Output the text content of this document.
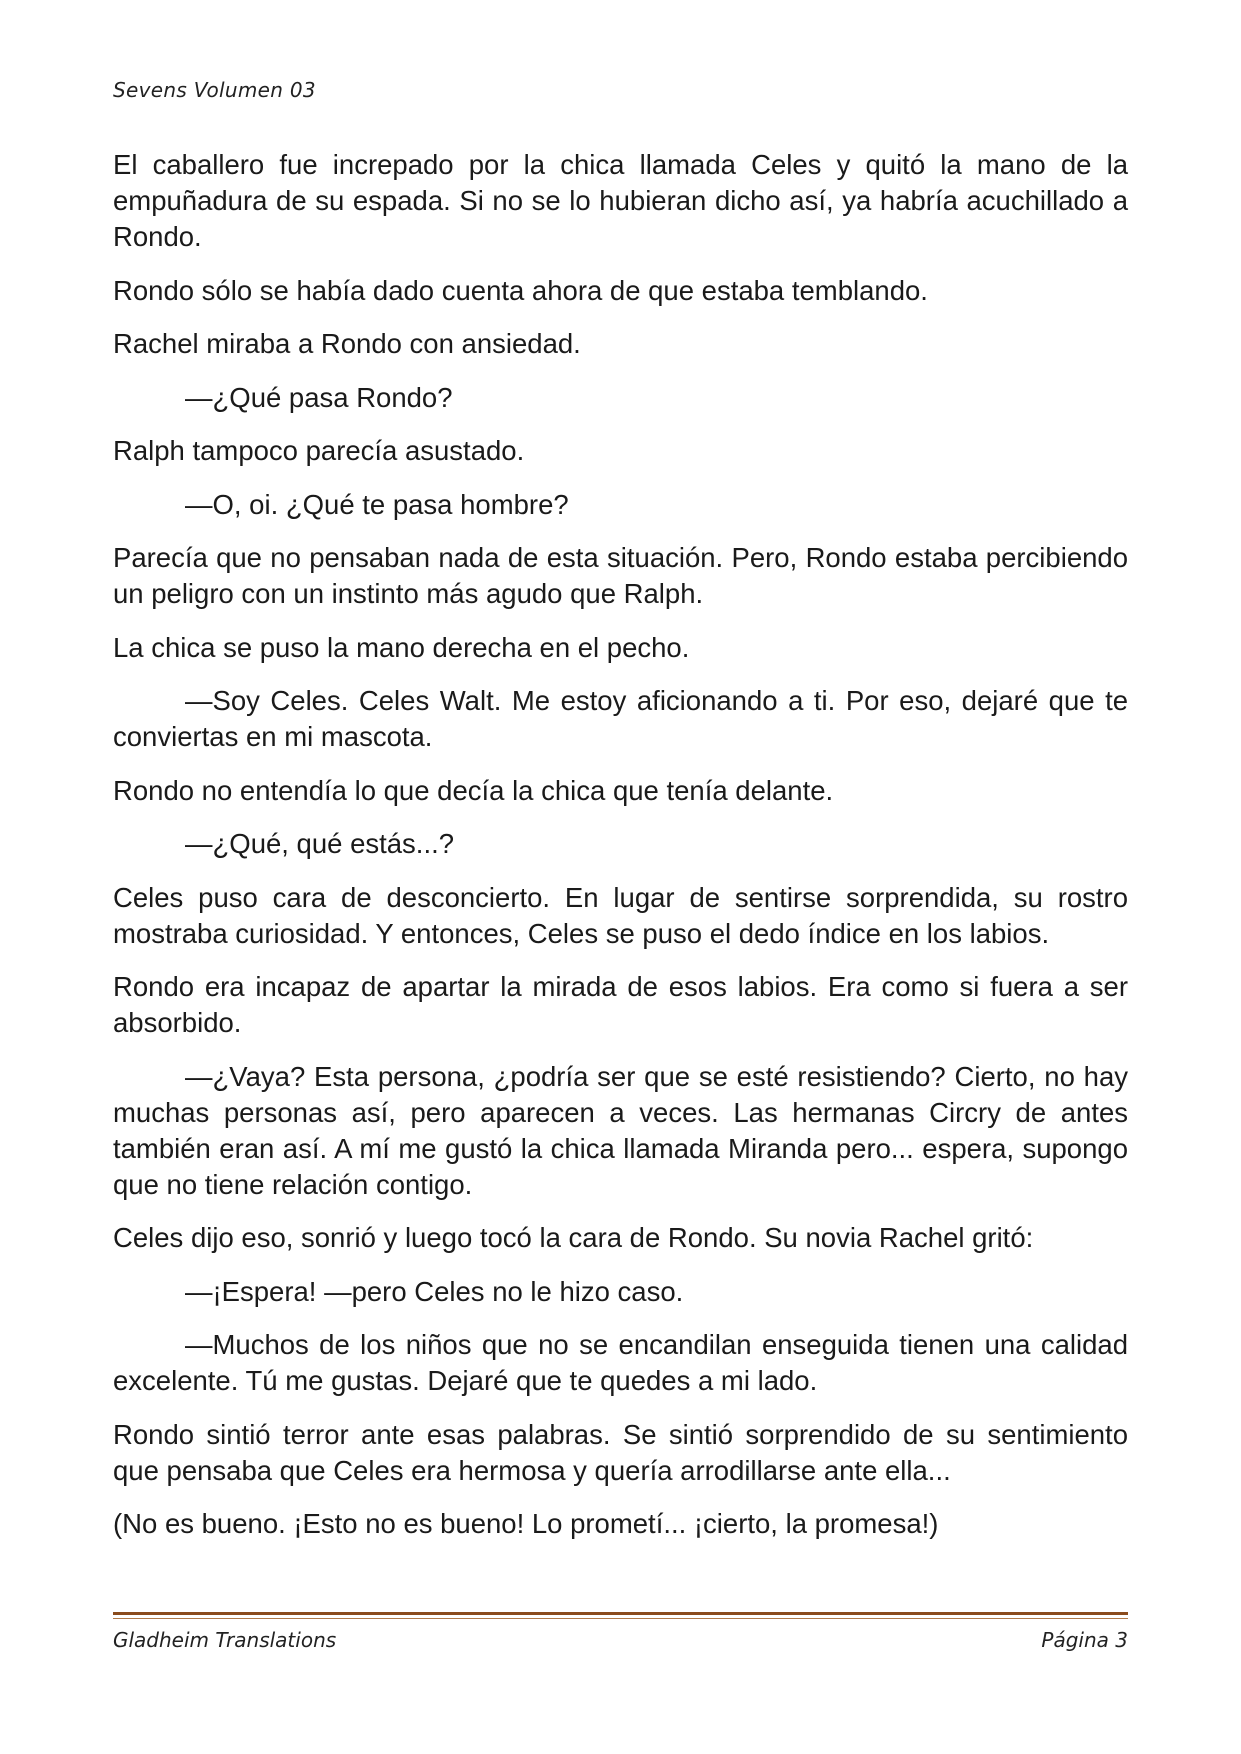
Sevens Volumen 03

El caballero fue increpado por la chica llamada Celes y quitó la mano de la empuñadura de su espada. Si no se lo hubieran dicho así, ya habría acuchillado a Rondo.

Rondo sólo se había dado cuenta ahora de que estaba temblando.

Rachel miraba a Rondo con ansiedad.

—¿Qué pasa Rondo?

Ralph tampoco parecía asustado.

—O, oi. ¿Qué te pasa hombre?

Parecía que no pensaban nada de esta situación. Pero, Rondo estaba percibiendo un peligro con un instinto más agudo que Ralph.

La chica se puso la mano derecha en el pecho.

—Soy Celes. Celes Walt. Me estoy aficionando a ti. Por eso, dejaré que te conviertas en mi mascota.

Rondo no entendía lo que decía la chica que tenía delante.

—¿Qué, qué estás...?

Celes puso cara de desconcierto. En lugar de sentirse sorprendida, su rostro mostraba curiosidad. Y entonces, Celes se puso el dedo índice en los labios.

Rondo era incapaz de apartar la mirada de esos labios. Era como si fuera a ser absorbido.

—¿Vaya? Esta persona, ¿podría ser que se esté resistiendo? Cierto, no hay muchas personas así, pero aparecen a veces. Las hermanas Circry de antes también eran así. A mí me gustó la chica llamada Miranda pero... espera, supongo que no tiene relación contigo.

Celes dijo eso, sonrió y luego tocó la cara de Rondo. Su novia Rachel gritó:

—¡Espera! —pero Celes no le hizo caso.

—Muchos de los niños que no se encandilan enseguida tienen una calidad excelente. Tú me gustas. Dejaré que te quedes a mi lado.

Rondo sintió terror ante esas palabras. Se sintió sorprendido de su sentimiento que pensaba que Celes era hermosa y quería arrodillarse ante ella...

(No es bueno. ¡Esto no es bueno! Lo prometí... ¡cierto, la promesa!)

Gladheim Translations	Página 3
